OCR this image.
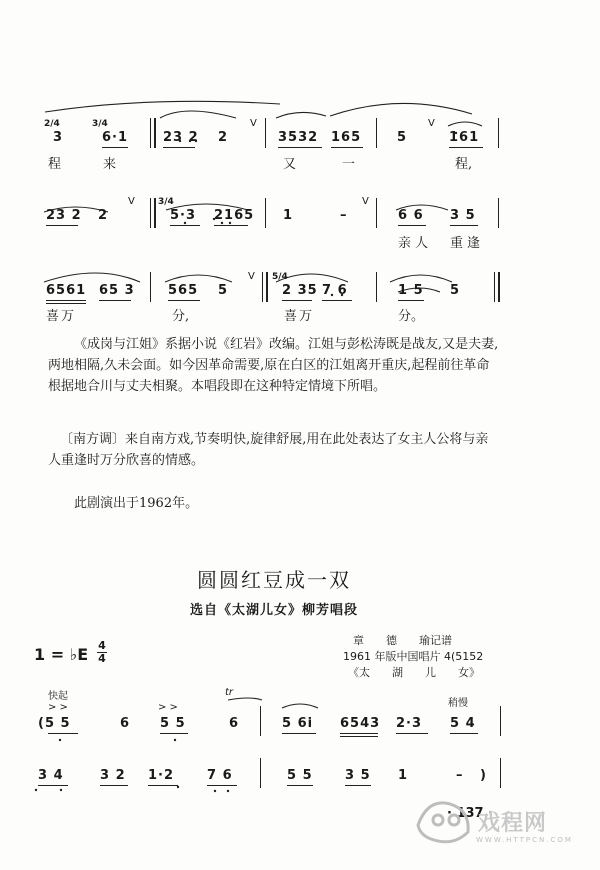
2/4	3/4
3	6·1	23 2 2
V
3532 165	5
V
161
程	来	又	一	程,
23 2 2
V	3/4
5·3 2165 1	–
V
6 6 3 5
亲人 重逢
6561 65 3	565 5
V 5/4
2 35 7 6	1 5 5
喜万	分,	喜万	分。
《成岗与江姐》系据小说《红岩》改编。江姐与彭松涛既是战友,又是夫妻,两地相隔,久未会面。如今因革命需要,原在白区的江姐离开重庆,起程前往革命根据地合川与丈夫相聚。本唱段即在这种特定情境下所唱。
〔南方调〕来自南方戏,节奏明快,旋律舒展,用在此处表达了女主人公将与亲人重逢时万分欣喜的情感。
此剧演出于1962年。
圆圆红豆成一双
选自《太湖儿女》柳芳唱段
1 = ♭E $\frac{4}{4}$	章　　德　　瑜记谱
1961 年版中国唱片 4(5152
《太　　湖　　儿　　女》
快起	tr
稍慢
> >	> >
(5 5	6 5 5	6	5 6i 6543 2·3 5 4
3 4	3 2 1·2	7 6	5 5 3 5 1	– )
· 137 ·
戏程网
WWW.HTTPCN.COM
